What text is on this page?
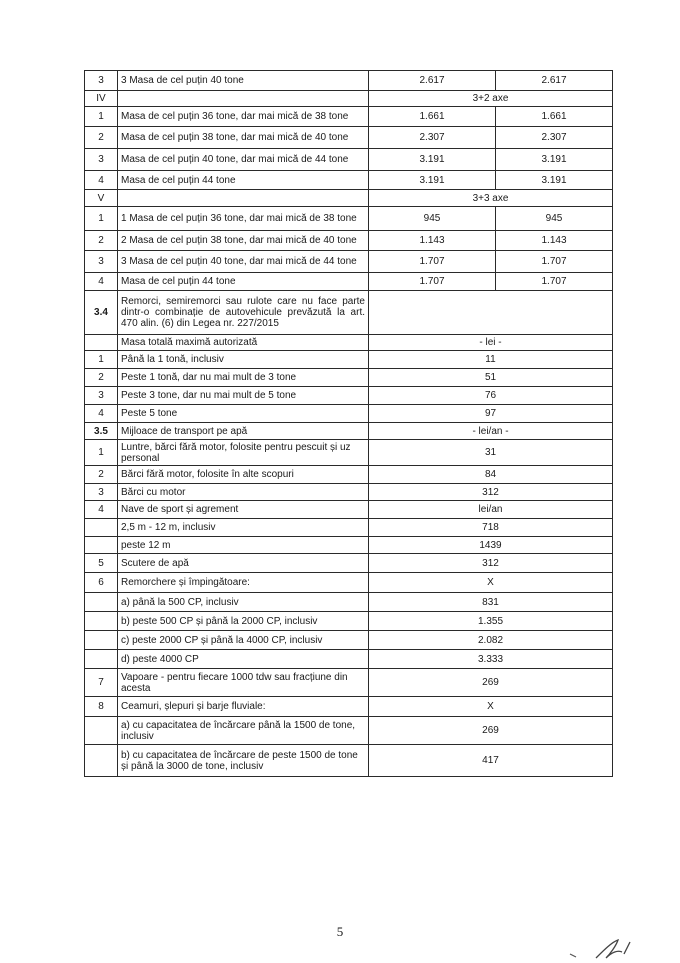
3	3 Masa de cel puțin 40 tone	2.617	2.617
IV		3+2 axe	
1	Masa de cel puțin 36 tone, dar mai mică de 38 tone	1.661	1.661
2	Masa de cel puțin 38 tone, dar mai mică de 40 tone	2.307	2.307
3	Masa de cel puțin 40 tone, dar mai mică de 44 tone	3.191	3.191
4	Masa de cel puțin 44 tone	3.191	3.191
V		3+3 axe	
1	1 Masa de cel puțin 36 tone, dar mai mică de 38 tone	945	945
2	2 Masa de cel puțin 38 tone, dar mai mică de 40 tone	1.143	1.143
3	3 Masa de cel puțin 40 tone, dar mai mică de 44 tone	1.707	1.707
4	Masa de cel puțin 44 tone	1.707	1.707
3.4	Remorci, semiremorci sau rulote care nu face parte dintr-o combinație de autovehicule prevăzută la art. 470 alin. (6) din Legea nr. 227/2015		
	Masa totală maximă autorizată	- lei -	
1	Până la 1 tonă, inclusiv	11	
2	Peste 1 tonă, dar nu mai mult de 3 tone	51	
3	Peste 3 tone, dar nu mai mult de 5 tone	76	
4	Peste 5 tone	97	
3.5	Mijloace de transport pe apă	- lei/an -	
1	Luntre, bărci fără motor, folosite pentru pescuit și uz personal	31	
2	Bărci fără motor, folosite în alte scopuri	84	
3	Bărci cu motor	312	
4	Nave de sport și agrement	lei/an	
	2,5 m - 12 m, inclusiv	718	
	peste 12 m	1439	
5	Scutere de apă	312	
6	Remorchere și împingătoare:	X	
	a) până la 500 CP, inclusiv	831	
	b) peste 500 CP și până la 2000 CP, inclusiv	1.355	
	c) peste 2000 CP și până la 4000 CP, inclusiv	2.082	
	d) peste 4000 CP	3.333	
7	Vapoare - pentru fiecare 1000 tdw sau fracțiune din acesta	269	
8	Ceamuri, șlepuri și barje fluviale:	X	
	a) cu capacitatea de încărcare până la 1500 de tone, inclusiv	269	
	b) cu capacitatea de încărcare de peste 1500 de tone și până la 3000 de tone, inclusiv	417	
5
